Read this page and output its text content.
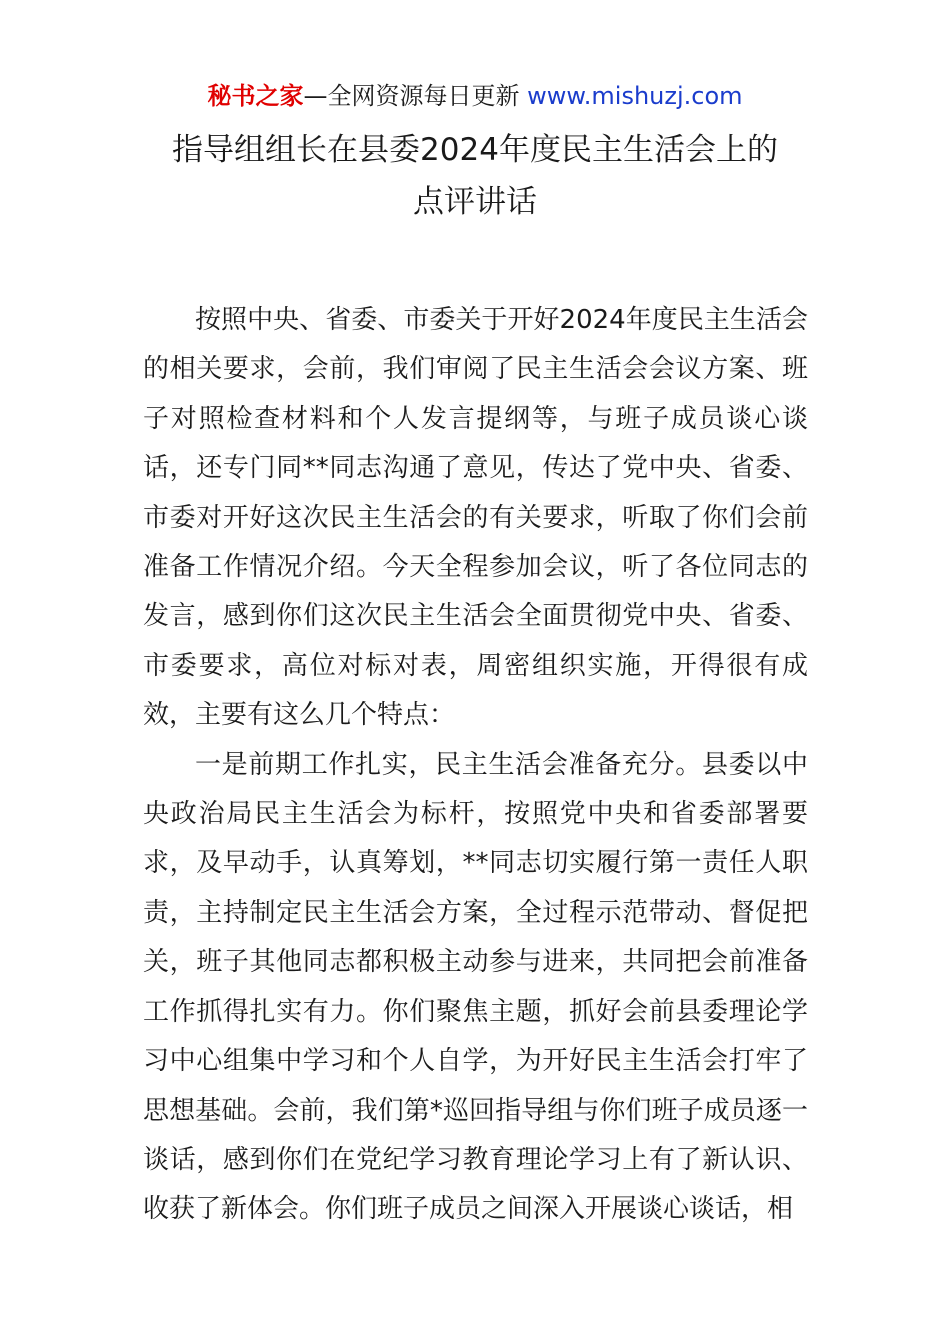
秘书之家—全网资源每日更新 www.mishuzj.com
指导组组长在县委2024年度民主生活会上的
点评讲话

按照中央、省委、市委关于开好2024年度民主生活会的相关要求，会前，我们审阅了民主生活会会议方案、班子对照检查材料和个人发言提纲等，与班子成员谈心谈话，还专门同**同志沟通了意见，传达了党中央、省委、市委对开好这次民主生活会的有关要求，听取了你们会前准备工作情况介绍。今天全程参加会议，听了各位同志的发言，感到你们这次民主生活会全面贯彻党中央、省委、市委要求，高位对标对表，周密组织实施，开得很有成效，主要有这么几个特点：

一是前期工作扎实，民主生活会准备充分。县委以中央政治局民主生活会为标杆，按照党中央和省委部署要求，及早动手，认真筹划，**同志切实履行第一责任人职责，主持制定民主生活会方案，全过程示范带动、督促把关，班子其他同志都积极主动参与进来，共同把会前准备工作抓得扎实有力。你们聚焦主题，抓好会前县委理论学习中心组集中学习和个人自学，为开好民主生活会打牢了思想基础。会前，我们第*巡回指导组与你们班子成员逐一谈话，感到你们在党纪学习教育理论学习上有了新认识、收获了新体会。你们班子成员之间深入开展谈心谈话，相
